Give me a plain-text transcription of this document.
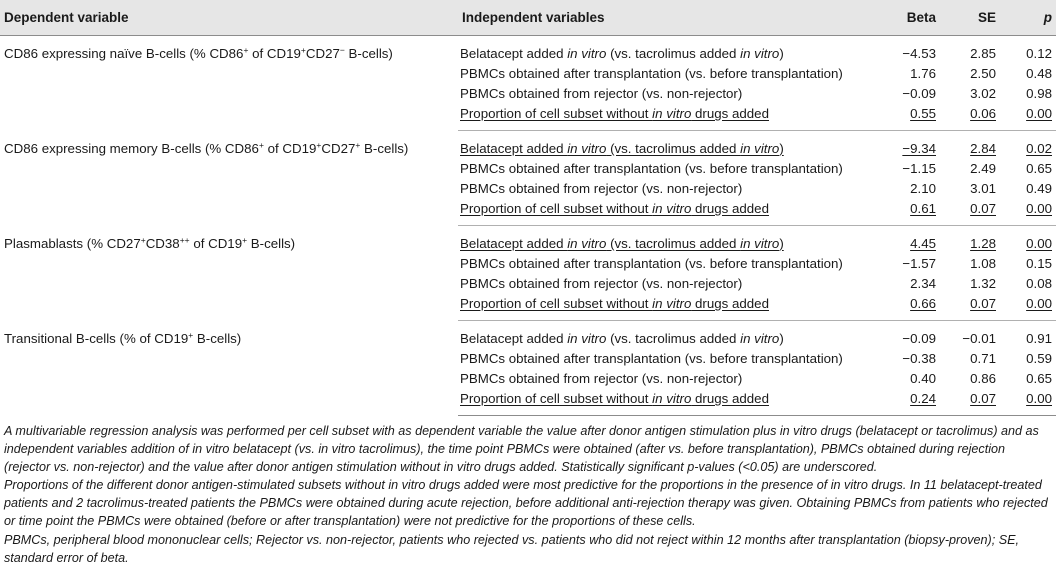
Dependent variable	Independent variables	Beta	SE	p
CD86 expressing naïve B-cells (% CD86+ of CD19+CD27− B-cells)	Belatacept added in vitro (vs. tacrolimus added in vitro)	−4.53	2.85	0.12
	PBMCs obtained after transplantation (vs. before transplantation)	1.76	2.50	0.48
	PBMCs obtained from rejector (vs. non-rejector)	−0.09	3.02	0.98
	Proportion of cell subset without in vitro drugs added	0.55	0.06	0.00
CD86 expressing memory B-cells (% CD86+ of CD19+CD27+ B-cells)	Belatacept added in vitro (vs. tacrolimus added in vitro)	−9.34	2.84	0.02
	PBMCs obtained after transplantation (vs. before transplantation)	−1.15	2.49	0.65
	PBMCs obtained from rejector (vs. non-rejector)	2.10	3.01	0.49
	Proportion of cell subset without in vitro drugs added	0.61	0.07	0.00
Plasmablasts (% CD27+CD38++ of CD19+ B-cells)	Belatacept added in vitro (vs. tacrolimus added in vitro)	4.45	1.28	0.00
	PBMCs obtained after transplantation (vs. before transplantation)	−1.57	1.08	0.15
	PBMCs obtained from rejector (vs. non-rejector)	2.34	1.32	0.08
	Proportion of cell subset without in vitro drugs added	0.66	0.07	0.00
Transitional B-cells (% of CD19+ B-cells)	Belatacept added in vitro (vs. tacrolimus added in vitro)	−0.09	−0.01	0.91
	PBMCs obtained after transplantation (vs. before transplantation)	−0.38	0.71	0.59
	PBMCs obtained from rejector (vs. non-rejector)	0.40	0.86	0.65
	Proportion of cell subset without in vitro drugs added	0.24	0.07	0.00

A multivariable regression analysis was performed per cell subset with as dependent variable the value after donor antigen stimulation plus in vitro drugs (belatacept or tacrolimus) and as independent variables addition of in vitro belatacept (vs. in vitro tacrolimus), the time point PBMCs were obtained (after vs. before transplantation), PBMCs obtained during rejection (rejector vs. non-rejector) and the value after donor antigen stimulation without in vitro drugs added. Statistically significant p-values (<0.05) are underscored.

Proportions of the different donor antigen-stimulated subsets without in vitro drugs added were most predictive for the proportions in the presence of in vitro drugs. In 11 belatacept-treated patients and 2 tacrolimus-treated patients the PBMCs were obtained during acute rejection, before additional anti-rejection therapy was given. Obtaining PBMCs from patients who rejected or time point the PBMCs were obtained (before or after transplantation) were not predictive for the proportions of these cells.

PBMCs, peripheral blood mononuclear cells; Rejector vs. non-rejector, patients who rejected vs. patients who did not reject within 12 months after transplantation (biopsy-proven); SE, standard error of beta.
